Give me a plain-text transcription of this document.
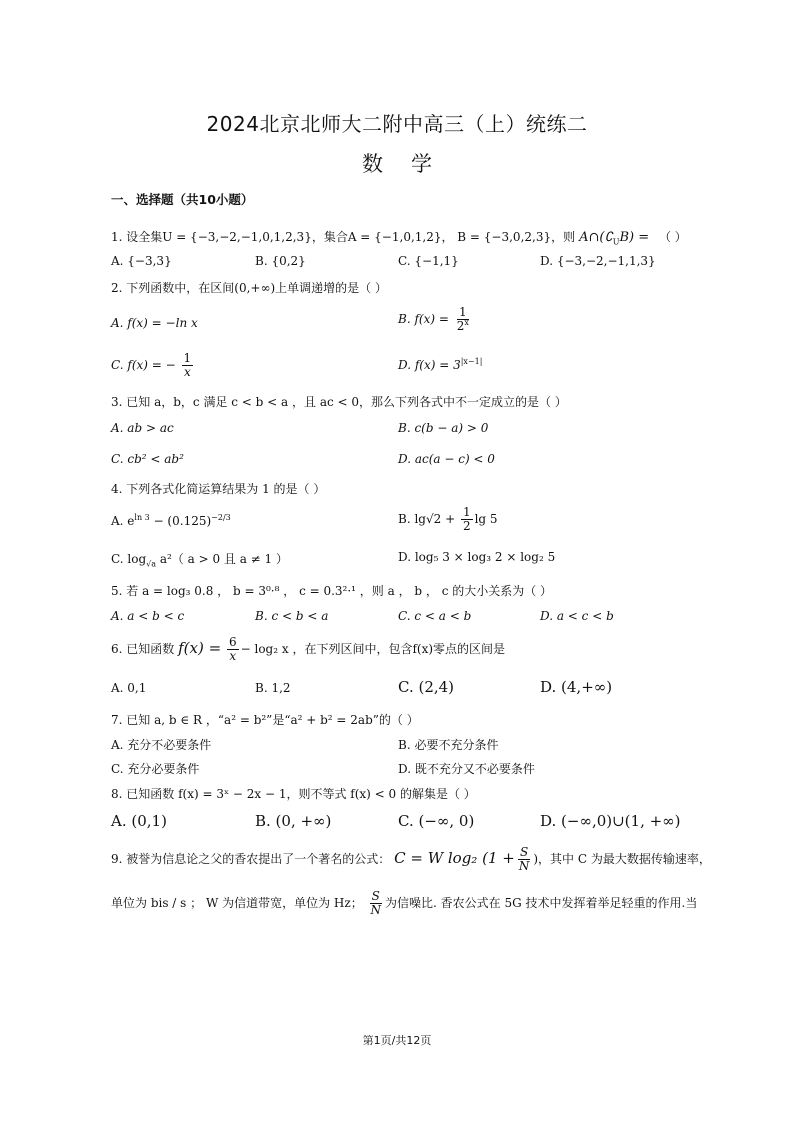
2024北京北师大二附中高三（上）统练二
数学
一、选择题（共10小题）
1. 设全集U = {−3,−2,−1,0,1,2,3}，集合A = {−1,0,1,2}， B = {−3,0,2,3}，则 $A\cap(∁_UB)$ = （ ）
A. {−3,3}	B. {0,2}	C. {−1,1}	D. {−3,−2,−1,1,3}
2. 下列函数中，在区间(0,+∞)上单调递增的是（ ）
A. f(x) = −ln x	B. $f(x) = \frac{1}{2^x}$
C. f(x) = − $\frac{1}{x}$	D. $f(x) = 3^{|x-1|}$
3. 已知 a，b，c 满足 c < b < a ，且 ac < 0，那么下列各式中不一定成立的是（ ）
A. ab > ac	B. c(b − a) > 0
C. cb² < ab²	D. ac(a − c) < 0
4. 下列各式化简运算结果为 1 的是（ ）
A. $e^{ln 3} - (0.125)^{-2/3}$	B. $\lg√2 + \frac{1}{2}$ lg 5
C. $\log_{√a} a^2$（ a > 0 且 a ≠ 1 ）	D. log₅ 3 × log₃ 2 × log₂ 5
5. 若 a = log₃ 0.8 ， b = 3⁰·⁸ ， c = 0.3²·¹ ，则 a ， b ， c 的大小关系为（ ）
A. a < b < c	B. c < b < a	C. c < a < b	D. a < c < b
6. 已知函数 $f(x) = \frac{6}{x} - \log_2$ x ，在下列区间中，包含f(x)零点的区间是
A. 0,1	B. 1,2	C. (2,4)	D. (4,+∞)
7. 已知 a, b ∈ R ，“a² = b²”是“a² + b² = 2ab”的（ ）
A. 充分不必要条件	B. 必要不充分条件
C. 充分必要条件	D. 既不充分又不必要条件
8. 已知函数 f(x) = 3ˣ − 2x − 1，则不等式 f(x) < 0 的解集是（ ）
A. (0,1)	B. (0, +∞)	C. (−∞, 0)	D. (−∞,0)∪(1, +∞)
9. 被誉为信息论之父的香农提出了一个著名的公式： C = W log₂ ($1 + \frac{S}{N}$ )，其中 C 为最大数据传输速率，
单位为 bis / s ； W 为信道带宽，单位为 Hz； $\frac{S}{N}$ 为信噪比. 香农公式在 5G 技术中发挥着举足轻重的作用.当
第1页/共12页
